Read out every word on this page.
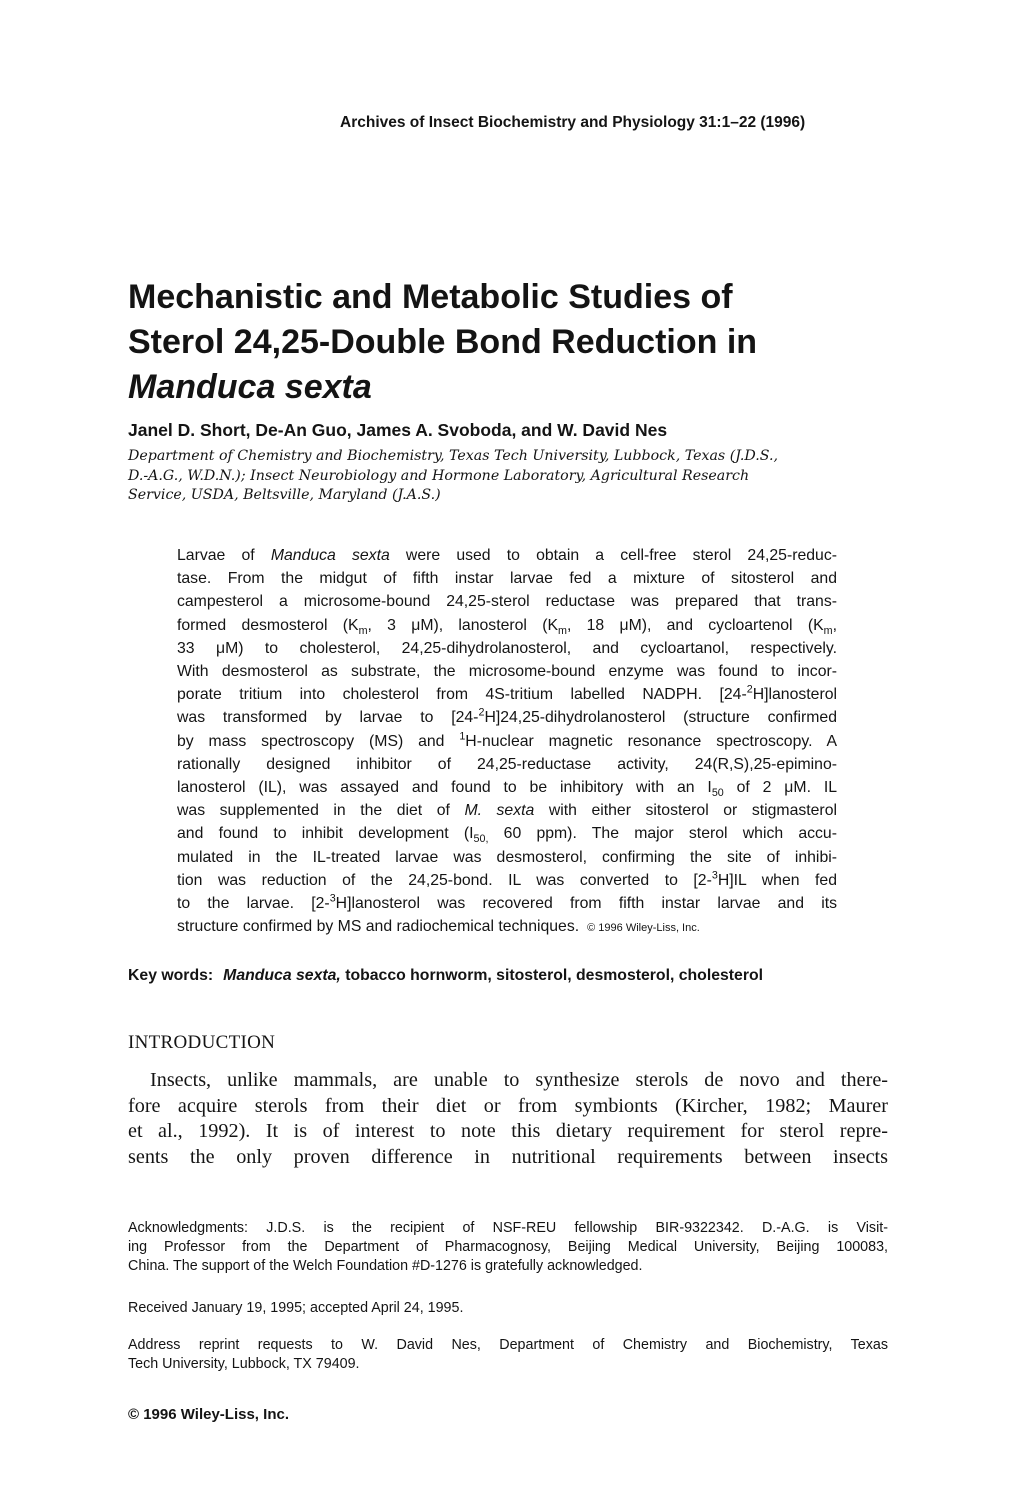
Archives of Insect Biochemistry and Physiology 31:1–22 (1996)
Mechanistic and Metabolic Studies of
Sterol 24,25-Double Bond Reduction in
Manduca sexta
Janel D. Short, De-An Guo, James A. Svoboda, and W. David Nes
Department of Chemistry and Biochemistry, Texas Tech University, Lubbock, Texas (J.D.S.,
D.-A.G., W.D.N.); Insect Neurobiology and Hormone Laboratory, Agricultural Research
Service, USDA, Beltsville, Maryland (J.A.S.)
Larvae of Manduca sexta were used to obtain a cell-free sterol 24,25-reduc-
tase. From the midgut of fifth instar larvae fed a mixture of sitosterol and
campesterol a microsome-bound 24,25-sterol reductase was prepared that trans-
formed desmosterol ($K_m$, 3 μM), lanosterol ($K_m$, 18 μM), and cycloartenol ($K_m$,
33 μM) to cholesterol, 24,25-dihydrolanosterol, and cycloartanol, respectively.
With desmosterol as substrate, the microsome-bound enzyme was found to incor-
porate tritium into cholesterol from 4S-tritium labelled NADPH. [24-$^2$H]lanosterol
was transformed by larvae to [24-$^2$H]24,25-dihydrolanosterol (structure confirmed
by mass spectroscopy (MS) and $^1$H-nuclear magnetic resonance spectroscopy. A
rationally designed inhibitor of 24,25-reductase activity, 24(R,S),25-epimino-
lanosterol (IL), was assayed and found to be inhibitory with an $I_{50}$ of 2 μM. IL
was supplemented in the diet of M. sexta with either sitosterol or stigmasterol
and found to inhibit development ($I_{50,}$ 60 ppm). The major sterol which accu-
mulated in the IL-treated larvae was desmosterol, confirming the site of inhibi-
tion was reduction of the 24,25-bond. IL was converted to [2-$^3$H]IL when fed
to the larvae. [2-$^3$H]lanosterol was recovered from fifth instar larvae and its
structure confirmed by MS and radiochemical techniques. © 1996 Wiley-Liss, Inc.
Key words: Manduca sexta, tobacco hornworm, sitosterol, desmosterol, cholesterol
INTRODUCTION
Insects, unlike mammals, are unable to synthesize sterols de novo and there-
fore acquire sterols from their diet or from symbionts (Kircher, 1982; Maurer
et al., 1992). It is of interest to note this dietary requirement for sterol repre-
sents the only proven difference in nutritional requirements between insects
Acknowledgments: J.D.S. is the recipient of NSF-REU fellowship BIR-9322342. D.-A.G. is Visit-
ing Professor from the Department of Pharmacognosy, Beijing Medical University, Beijing 100083,
China. The support of the Welch Foundation #D-1276 is gratefully acknowledged.
Received January 19, 1995; accepted April 24, 1995.
Address reprint requests to W. David Nes, Department of Chemistry and Biochemistry, Texas
Tech University, Lubbock, TX 79409.
© 1996 Wiley-Liss, Inc.
